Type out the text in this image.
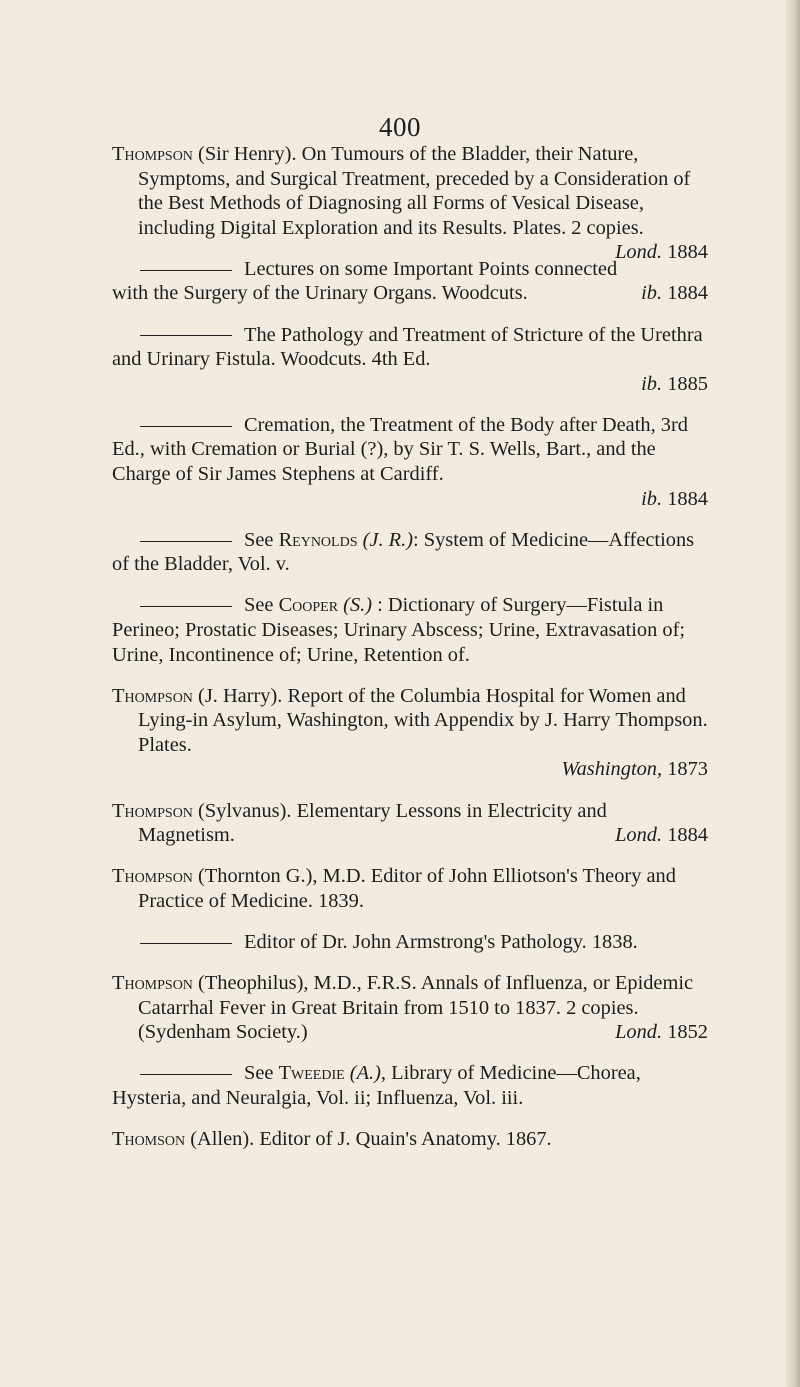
400

Thompson (Sir Henry). On Tumours of the Bladder, their Nature, Symptoms, and Surgical Treatment, preceded by a Consideration of the Best Methods of Diagnosing all Forms of Vesical Disease, including Digital Exploration and its Results. Plates. 2 copies.
Lond. 1884

Lectures on some Important Points connected with the Surgery of the Urinary Organs. Woodcuts.	ib. 1884

The Pathology and Treatment of Stricture of the Urethra and Urinary Fistula. Woodcuts. 4th Ed.

ib. 1885

Cremation, the Treatment of the Body after Death, 3rd Ed., with Cremation or Burial (?), by Sir T. S. Wells, Bart., and the Charge of Sir James Stephens at Cardiff.

ib. 1884

See Reynolds (J. R.): System of Medicine—Affections of the Bladder, Vol. v.

See Cooper (S.) : Dictionary of Surgery—Fistula in Perineo; Prostatic Diseases; Urinary Abscess; Urine, Extravasation of; Urine, Incontinence of; Urine, Retention of.

Thompson (J. Harry). Report of the Columbia Hospital for Women and Lying-in Asylum, Washington, with Appendix by J. Harry Thompson. Plates.

Washington, 1873

Thompson (Sylvanus). Elementary Lessons in Electricity and Magnetism.	Lond. 1884

Thompson (Thornton G.), M.D. Editor of John Elliotson's Theory and Practice of Medicine. 1839.

Editor of Dr. John Armstrong's Pathology. 1838.

Thompson (Theophilus), M.D., F.R.S. Annals of Influenza, or Epidemic Catarrhal Fever in Great Britain from 1510 to 1837. 2 copies. (Sydenham Society.)	Lond. 1852

See Tweedie (A.), Library of Medicine—Chorea, Hysteria, and Neuralgia, Vol. ii; Influenza, Vol. iii.

Thomson (Allen). Editor of J. Quain's Anatomy. 1867.
